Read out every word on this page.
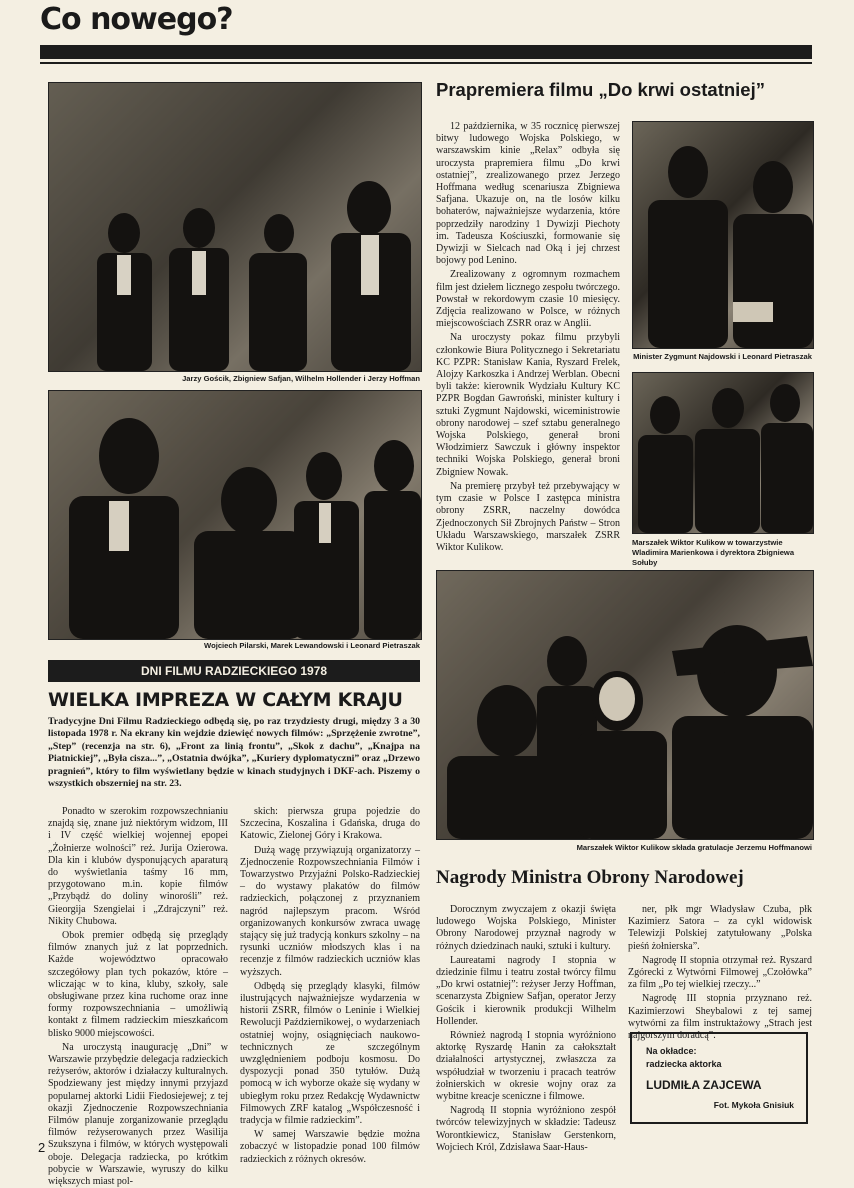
Co nowego?
Jarzy Gościk, Zbigniew Safjan, Wilhelm Hollender i Jerzy Hoffman
Wojciech Pilarski, Marek Lewandowski i Leonard Pietraszak
DNI FILMU RADZIECKIEGO 1978
WIELKA IMPREZA W CAŁYM KRAJU
Tradycyjne Dni Filmu Radzieckiego odbędą się, po raz trzydziesty drugi, między 3 a 30 listopada 1978 r. Na ekrany kin wejdzie dziewięć nowych filmów: „Sprzężenie zwrotne”, „Step” (recenzja na str. 6), „Front za linią frontu”, „Skok z dachu”, „Knajpa na Piatnickiej”, „Była cisza...”, „Ostatnia dwójka”, „Kuriery dyplomatyczni” oraz „Drzewo pragnień”, który to film wyświetlany będzie w kinach studyjnych i DKF-ach. Piszemy o wszystkich obszerniej na str. 23.

Ponadto w szerokim rozpowszechnianiu znajdą się, znane już niektórym widzom, III i IV część wielkiej wojennej epopei „Żołnierze wolności” reż. Jurija Ozierowa. Dla kin i klubów dysponujących aparaturą do wyświetlania taśmy 16 mm, przygotowano m.in. kopie filmów „Przybądź do doliny winorośli” reż. Gieorgija Szengielai i „Zdrajczyni” reż. Nikity Chubowa.

Obok premier odbędą się przeglądy filmów znanych już z lat poprzednich. Każde województwo opracowało szczegółowy plan tych pokazów, które – wliczając w to kina, kluby, szkoły, sale obsługiwane przez kina ruchome oraz inne formy rozpowszechniania – umożliwią kontakt z filmem radzieckim mieszkańcom blisko 9000 miejscowości.

Na uroczystą inaugurację „Dni” w Warszawie przybędzie delegacja radzieckich reżyserów, aktorów i działaczy kulturalnych. Spodziewany jest między innymi przyjazd popularnej aktorki Lidii Fiedosiejewej; z tej okazji Zjednoczenie Rozpowszechniania Filmów planuje zorganizowanie przeglądu filmów reżyserowanych przez Wasilija Szukszyna i filmów, w których występowali oboje. Delegacja radziecka, po krótkim pobycie w Warszawie, wyruszy do kilku większych miast pol-

skich: pierwsza grupa pojedzie do Szczecina, Koszalina i Gdańska, druga do Katowic, Zielonej Góry i Krakowa.

Dużą wagę przywiązują organizatorzy – Zjednoczenie Rozpowszechniania Filmów i Towarzystwo Przyjaźni Polsko-Radzieckiej – do wystawy plakatów do filmów radzieckich, połączonej z przyznaniem nagród najlepszym pracom. Wśród organizowanych konkursów zwraca uwagę stający się już tradycją konkurs szkolny – na rysunki uczniów młodszych klas i na recenzje z filmów radzieckich uczniów klas wyższych.

Odbędą się przeglądy klasyki, filmów ilustrujących najważniejsze wydarzenia w historii ZSRR, filmów o Leninie i Wielkiej Rewolucji Październikowej, o wydarzeniach ostatniej wojny, osiągnięciach naukowo-technicznych ze szczególnym uwzględnieniem podboju kosmosu. Do dyspozycji ponad 350 tytułów. Dużą pomocą w ich wyborze okaże się wydany w ubiegłym roku przez Redakcję Wydawnictw Filmowych ZRF katalog „Współczesność i tradycja w filmie radzieckim”.

W samej Warszawie będzie można zobaczyć w listopadzie ponad 100 filmów radzieckich z różnych okresów.

Prapremiera filmu „Do krwi ostatniej”

12 października, w 35 rocznicę pierwszej bitwy ludowego Wojska Polskiego, w warszawskim kinie „Relax” odbyła się uroczysta prapremiera filmu „Do krwi ostatniej”, zrealizowanego przez Jerzego Hoffmana według scenariusza Zbigniewa Safjana. Ukazuje on, na tle losów kilku bohaterów, najważniejsze wydarzenia, które poprzedziły narodziny 1 Dywizji Piechoty im. Tadeusza Kościuszki, formowanie się Dywizji w Sielcach nad Oką i jej chrzest bojowy pod Lenino.

Zrealizowany z ogromnym rozmachem film jest dziełem licznego zespołu twórczego. Powstał w rekordowym czasie 10 miesięcy. Zdjęcia realizowano w Polsce, w różnych miejscowościach ZSRR oraz w Anglii.

Na uroczysty pokaz filmu przybyli członkowie Biura Politycznego i Sekretariatu KC PZPR: Stanisław Kania, Ryszard Frelek, Alojzy Karkoszka i Andrzej Werblan. Obecni byli także: kierownik Wydziału Kultury KC PZPR Bogdan Gawroński, minister kultury i sztuki Zygmunt Najdowski, wiceministrowie obrony narodowej – szef sztabu generalnego Wojska Polskiego, generał broni Włodzimierz Sawczuk i główny inspektor techniki Wojska Polskiego, generał broni Zbigniew Nowak.

Na premierę przybył też przebywający w tym czasie w Polsce I zastępca ministra obrony ZSRR, naczelny dowódca Zjednoczonych Sił Zbrojnych Państw – Stron Układu Warszawskiego, marszałek ZSRR Wiktor Kulikow.

Minister Zygmunt Najdowski i Leonard Pietraszak
Marszałek Wiktor Kulikow w towarzystwie Wladimira Marienkowa i dyrektora Zbigniewa Sołuby
Marszałek Wiktor Kulikow składa gratulacje Jerzemu Hoffmanowi
Nagrody Ministra Obrony Narodowej

Dorocznym zwyczajem z okazji święta ludowego Wojska Polskiego, Minister Obrony Narodowej przyznał nagrody w różnych dziedzinach nauki, sztuki i kultury.

Laureatami nagrody I stopnia w dziedzinie filmu i teatru został twórcy filmu „Do krwi ostatniej”: reżyser Jerzy Hoffman, scenarzysta Zbigniew Safjan, operator Jerzy Gościk i kierownik produkcji Wilhelm Hollender.

Również nagrodą I stopnia wyróżniono aktorkę Ryszardę Hanin za całokształt działalności artystycznej, zwłaszcza za współudział w tworzeniu i pracach teatrów żołnierskich w okresie wojny oraz za wybitne kreacje sceniczne i filmowe.

Nagrodą II stopnia wyróżniono zespół twórców telewizyjnych w składzie: Tadeusz Worontkiewicz, Stanisław Gerstenkorn, Wojciech Król, Zdzisława Saar-Haus-

ner, płk mgr Władysław Czuba, płk Kazimierz Satora – za cykl widowisk Telewizji Polskiej zatytułowany „Polska pieśń żołnierska”.

Nagrodę II stopnia otrzymał reż. Ryszard Zgórecki z Wytwórni Filmowej „Czołówka” za film „Po tej wielkiej rzeczy...”

Nagrodę III stopnia przyznano reż. Kazimierzowi Sheybalowi z tej samej wytwórni za film instruktażowy „Strach jest najgorszym doradcą”.

Na okładce:
radziecka aktorka
LUDMIŁA ZAJCEWA
Fot. Mykoła Gnisiuk
2
